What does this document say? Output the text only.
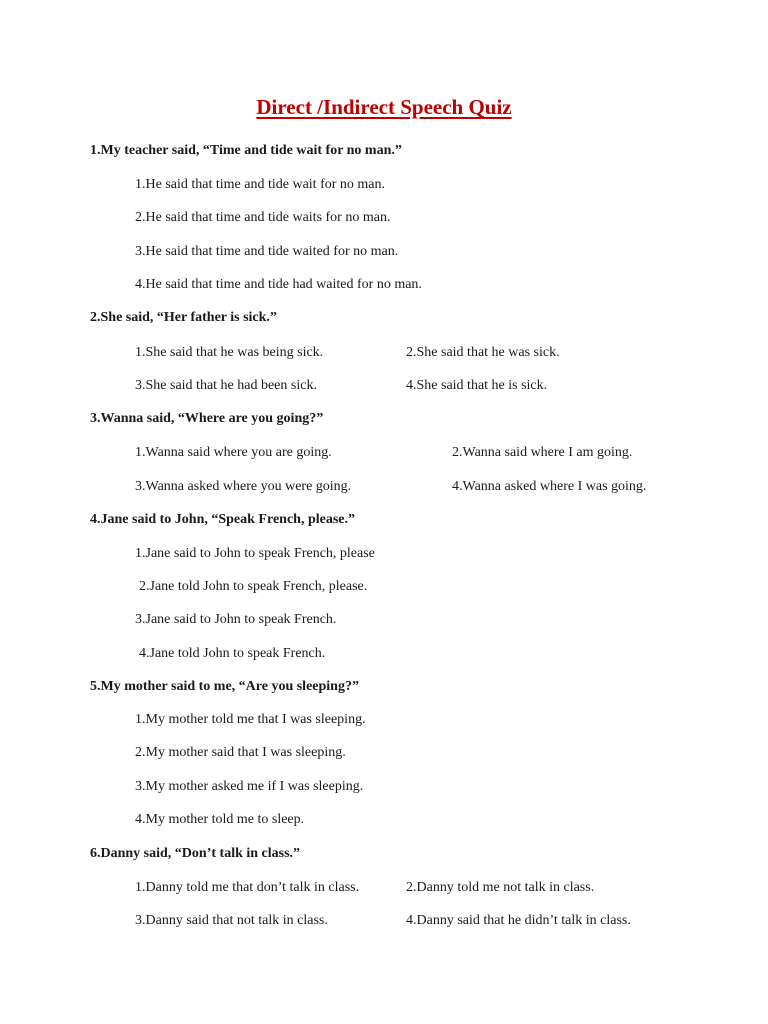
Direct /Indirect Speech Quiz
1.My teacher said, “Time and tide wait for no man.”
1.He said that time and tide wait for no man.
2.He said that time and tide waits for no man.
3.He said that time and tide waited for no man.
4.He said that time and tide had waited for no man.
2.She said, “Her father is sick.”
1.She said that he was being sick.	2.She said that he was sick.
3.She said that he had been sick.	4.She said that he is sick.
3.Wanna said, “Where are you going?”
1.Wanna said where you are going.	2.Wanna said where I am going.
3.Wanna asked where you were going.	4.Wanna asked where I was going.
4.Jane said to John, “Speak French, please.”
1.Jane said to John to speak French, please
2.Jane told John to speak French, please.
3.Jane said to John to speak French.
4.Jane told John to speak French.
5.My mother said to me, “Are you sleeping?”
1.My mother told me that I was sleeping.
2.My mother said that I was sleeping.
3.My mother asked me if I was sleeping.
4.My mother told me to sleep.
6.Danny said, “Don’t talk in class.”
1.Danny told me that don’t talk in class.	2.Danny told me not talk in class.
3.Danny said that not talk in class.	4.Danny said that he didn’t talk in class.
